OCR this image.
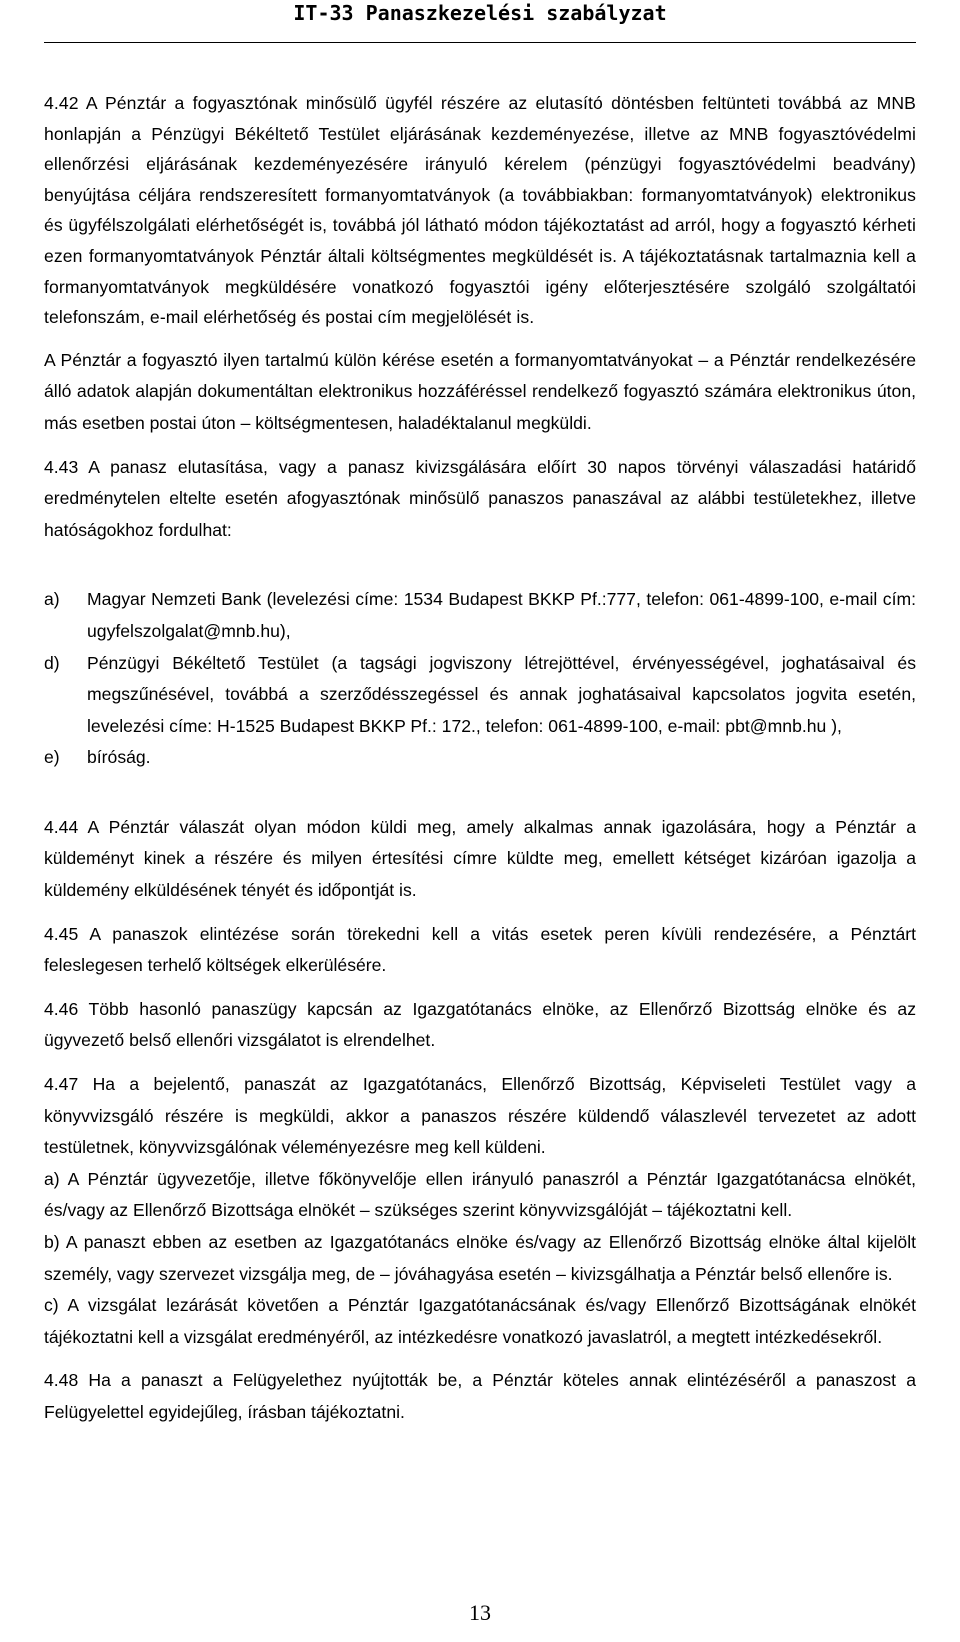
IT-33 Panaszkezelési szabályzat

4.42 A Pénztár a fogyasztónak minősülő ügyfél részére az elutasító döntésben feltünteti továbbá az MNB honlapján a Pénzügyi Békéltető Testület eljárásának kezdeményezése, illetve az MNB fogyasztóvédelmi ellenőrzési eljárásának kezdeményezésére irányuló kérelem (pénzügyi fogyasztóvédelmi beadvány) benyújtása céljára rendszeresített formanyomtatványok (a továbbiakban: formanyomtatványok) elektronikus és ügyfélszolgálati elérhetőségét is, továbbá jól látható módon tájékoztatást ad arról, hogy a fogyasztó kérheti ezen formanyomtatványok Pénztár általi költségmentes megküldését is. A tájékoztatásnak tartalmaznia kell a formanyomtatványok megküldésére vonatkozó fogyasztói igény előterjesztésére szolgáló szolgáltatói telefonszám, e-mail elérhetőség és postai cím megjelölését is.

A Pénztár a fogyasztó ilyen tartalmú külön kérése esetén a formanyomtatványokat – a Pénztár rendelkezésére álló adatok alapján dokumentáltan elektronikus hozzáféréssel rendelkező fogyasztó számára elektronikus úton, más esetben postai úton – költségmentesen, haladéktalanul megküldi.

4.43 A panasz elutasítása, vagy a panasz kivizsgálására előírt 30 napos törvényi válaszadási határidő eredménytelen eltelte esetén afogyasztónak minősülő panaszos panaszával az alábbi testületekhez, illetve hatóságokhoz fordulhat:

a) Magyar Nemzeti Bank (levelezési címe: 1534 Budapest BKKP Pf.:777, telefon: 061-4899-100, e-mail cím: ugyfelszolgalat@mnb.hu),
d) Pénzügyi Békéltető Testület (a tagsági jogviszony létrejöttével, érvényességével, joghatásaival és megszűnésével, továbbá a szerződésszegéssel és annak joghatásaival kapcsolatos jogvita esetén, levelezési címe: H-1525 Budapest BKKP Pf.: 172., telefon: 061-4899-100, e-mail: pbt@mnb.hu ),
e) bíróság.

4.44 A Pénztár válaszát olyan módon küldi meg, amely alkalmas annak igazolására, hogy a Pénztár a küldeményt kinek a részére és milyen értesítési címre küldte meg, emellett kétséget kizáróan igazolja a küldemény elküldésének tényét és időpontját is.

4.45 A panaszok elintézése során törekedni kell a vitás esetek peren kívüli rendezésére, a Pénztárt feleslegesen terhelő költségek elkerülésére.

4.46 Több hasonló panaszügy kapcsán az Igazgatótanács elnöke, az Ellenőrző Bizottság elnöke és az ügyvezető belső ellenőri vizsgálatot is elrendelhet.

4.47 Ha a bejelentő, panaszát az Igazgatótanács, Ellenőrző Bizottság, Képviseleti Testület vagy a könyvvizsgáló részére is megküldi, akkor a panaszos részére küldendő válaszlevél tervezetet az adott testületnek, könyvvizsgálónak véleményezésre meg kell küldeni.

a) A Pénztár ügyvezetője, illetve főkönyvelője ellen irányuló panaszról a Pénztár Igazgatótanácsa elnökét, és/vagy az Ellenőrző Bizottsága elnökét – szükséges szerint könyvvizsgálóját – tájékoztatni kell.

b) A panaszt ebben az esetben az Igazgatótanács elnöke és/vagy az Ellenőrző Bizottság elnöke által kijelölt személy, vagy szervezet vizsgálja meg, de – jóváhagyása esetén – kivizsgálhatja a Pénztár belső ellenőre is.

c) A vizsgálat lezárását követően a Pénztár Igazgatótanácsának és/vagy Ellenőrző Bizottságának elnökét tájékoztatni kell a vizsgálat eredményéről, az intézkedésre vonatkozó javaslatról, a megtett intézkedésekről.

4.48 Ha a panaszt a Felügyelethez nyújtották be, a Pénztár köteles annak elintézéséről a panaszost a Felügyelettel egyidejűleg, írásban tájékoztatni.

13
